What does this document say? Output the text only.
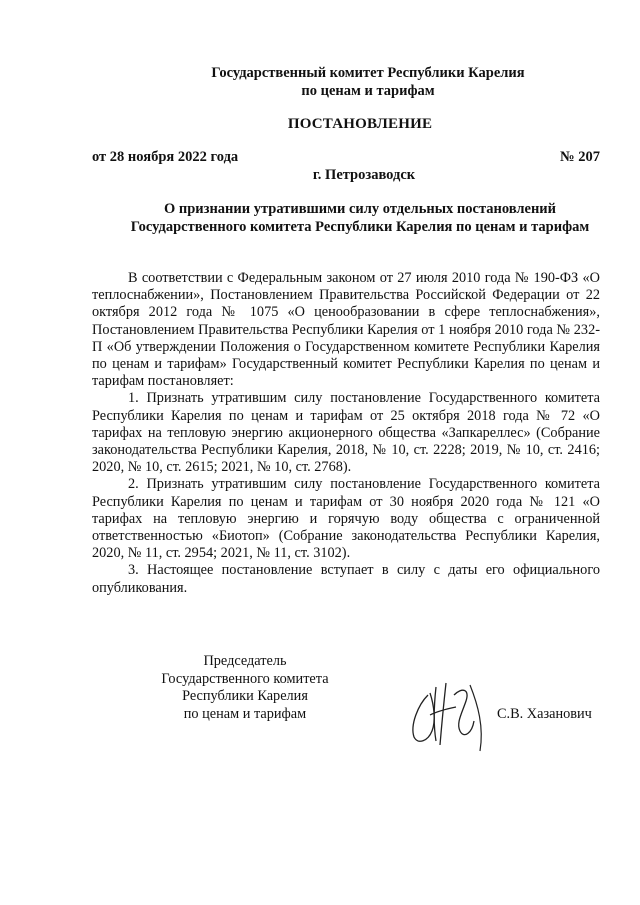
Государственный комитет Республики Карелия
по ценам и тарифам
ПОСТАНОВЛЕНИЕ
от 28 ноября 2022 года	№ 207
г. Петрозаводск
О признании утратившими силу отдельных постановлений
Государственного комитета Республики Карелия по ценам и тарифам

В соответствии с Федеральным законом от 27 июля 2010 года № 190-ФЗ «О теплоснабжении», Постановлением Правительства Российской Федерации от 22 октября 2012 года № 1075 «О ценообразовании в сфере теплоснабжения», Постановлением Правительства Республики Карелия от 1 ноября 2010 года № 232-П «Об утверждении Положения о Государственном комитете Республики Карелия по ценам и тарифам» Государственный комитет Республики Карелия по ценам и тарифам постановляет:

1. Признать утратившим силу постановление Государственного комитета Республики Карелия по ценам и тарифам от 25 октября 2018 года № 72 «О тарифах на тепловую энергию акционерного общества «Запкареллес» (Собрание законодательства Республики Карелия, 2018, № 10, ст. 2228; 2019, № 10, ст. 2416; 2020, № 10, ст. 2615; 2021, № 10, ст. 2768).

2. Признать утратившим силу постановление Государственного комитета Республики Карелия по ценам и тарифам от 30 ноября 2020 года № 121 «О тарифах на тепловую энергию и горячую воду общества с ограниченной ответственностью «Биотоп» (Собрание законодательства Республики Карелия, 2020, № 11, ст. 2954; 2021, № 11, ст. 3102).

3. Настоящее постановление вступает в силу с даты его официального опубликования.

Председатель
Государственного комитета
Республики Карелия
по ценам и тарифам	С.В. Хазанович
